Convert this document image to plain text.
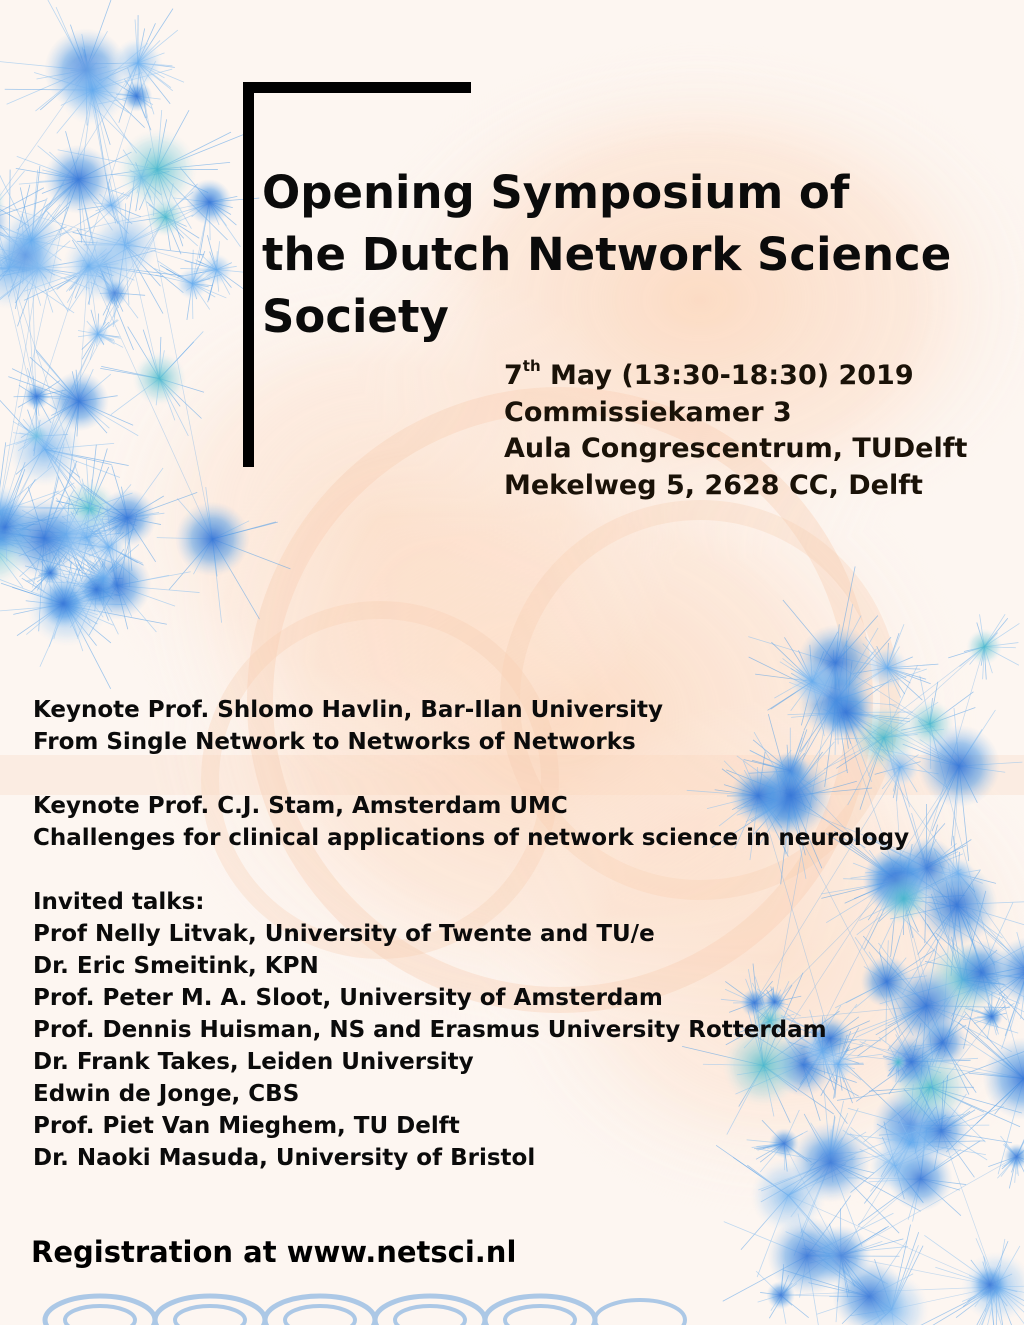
Opening Symposium of
the Dutch Network Science
Society
7th May (13:30-18:30) 2019
Commissiekamer 3
Aula Congrescentrum, TUDelft
Mekelweg 5, 2628 CC, Delft
Keynote Prof. Shlomo Havlin, Bar-Ilan University
From Single Network to Networks of Networks
Keynote Prof. C.J. Stam, Amsterdam UMC
Challenges for clinical applications of network science in neurology
Invited talks:
Prof Nelly Litvak, University of Twente and TU/e
Dr. Eric Smeitink, KPN
Prof. Peter M. A. Sloot, University of Amsterdam
Prof. Dennis Huisman, NS and Erasmus University Rotterdam
Dr. Frank Takes, Leiden University
Edwin de Jonge, CBS
Prof. Piet Van Mieghem, TU Delft
Dr. Naoki Masuda, University of Bristol
Registration at www.netsci.nl
